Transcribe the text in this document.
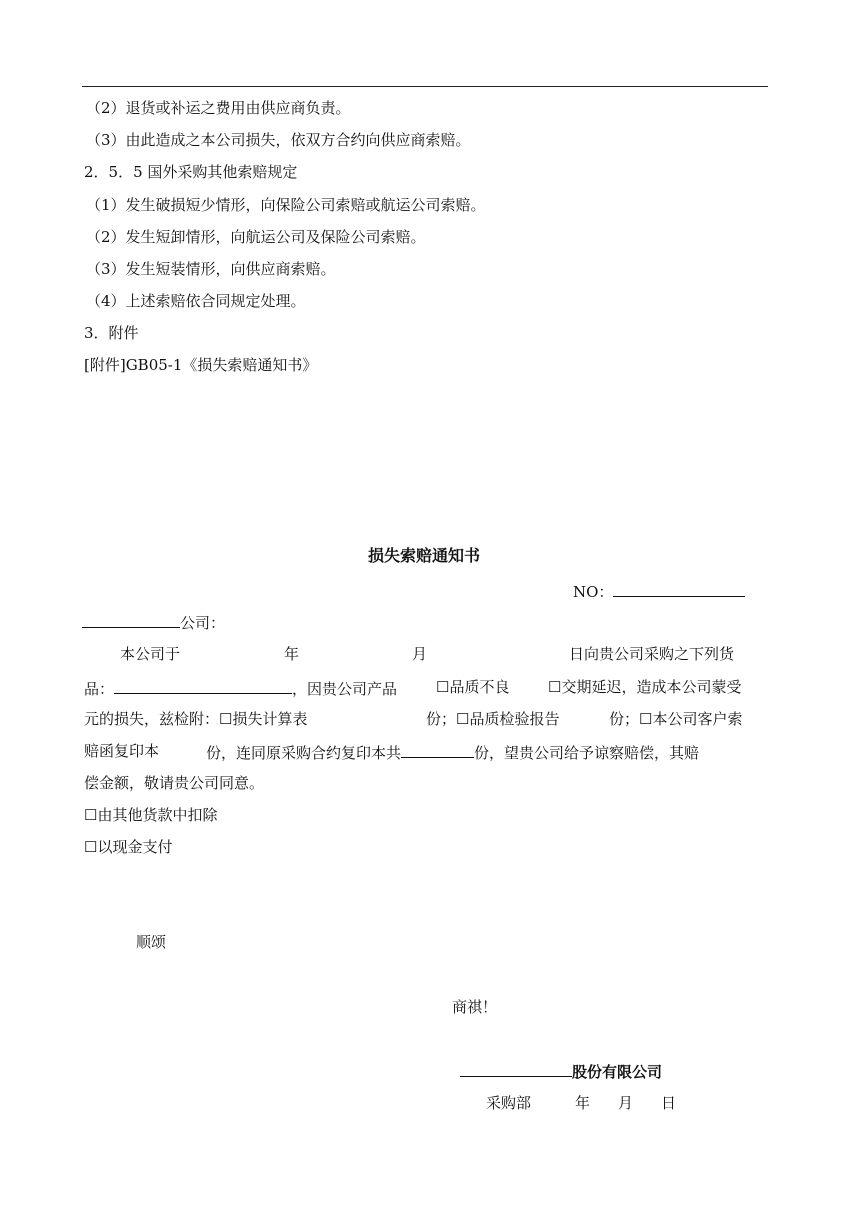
（2）退货或补运之费用由供应商负责。
（3）由此造成之本公司损失，依双方合约向供应商索赔。
2．5．5 国外采购其他索赔规定
（1）发生破损短少情形，向保险公司索赔或航运公司索赔。
（2）发生短卸情形，向航运公司及保险公司索赔。
（3）发生短装情形，向供应商索赔。
（4）上述索赔依合同规定处理。
3．附件
[附件]GB05-1《损失索赔通知书》
损失索赔通知书
NO：
公司：
本公司于	年	月	日向贵公司采购之下列货
品：	，因贵公司产品	☐品质不良	☐交期延迟，造成本公司蒙受
元的损失，兹检附：☐损失计算表	份；☐品质检验报告	份；☐本公司客户索
赔函复印本	份，连同原采购合约复印本共	份，望贵公司给予谅察赔偿，其赔
偿金额，敬请贵公司同意。
☐由其他货款中扣除
☐以现金支付
顺颂
商祺！
股份有限公司
采购部	年 月 日
